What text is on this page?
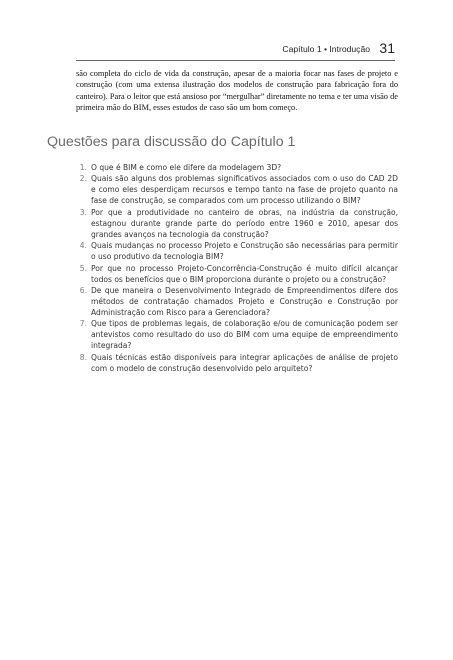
Capítulo 1 • Introdução 31

são completa do ciclo de vida da construção, apesar de a maioria focar nas fases de projeto e construção (com uma extensa ilustração dos modelos de construção para fabricação fora do canteiro). Para o leitor que está ansioso por “mergulhar” diretamente no tema e ter uma visão de primeira mão do BIM, esses estudos de caso são um bom começo.

Questões para discussão do Capítulo 1
1. O que é BIM e como ele difere da modelagem 3D?
2. Quais são alguns dos problemas significativos associados com o uso do CAD 2D e como eles desperdiçam recursos e tempo tanto na fase de projeto quanto na fase de construção, se comparados com um processo utilizando o BIM?
3. Por que a produtividade no canteiro de obras, na indústria da construção, estagnou durante grande parte do período entre 1960 e 2010, apesar dos grandes avanços na tecnologia da construção?
4. Quais mudanças no processo Projeto e Construção são necessárias para permitir o uso produtivo da tecnologia BIM?
5. Por que no processo Projeto-Concorrência-Construção é muito difícil alcançar todos os benefícios que o BIM proporciona durante o projeto ou a construção?
6. De que maneira o Desenvolvimento Integrado de Empreendimentos difere dos métodos de contratação chamados Projeto e Construção e Construção por Administração com Risco para a Gerenciadora?
7. Que tipos de problemas legais, de colaboração e/ou de comunicação podem ser antevistos como resultado do uso do BIM com uma equipe de empreendimento integrada?
8. Quais técnicas estão disponíveis para integrar aplicações de análise de projeto com o modelo de construção desenvolvido pelo arquiteto?
